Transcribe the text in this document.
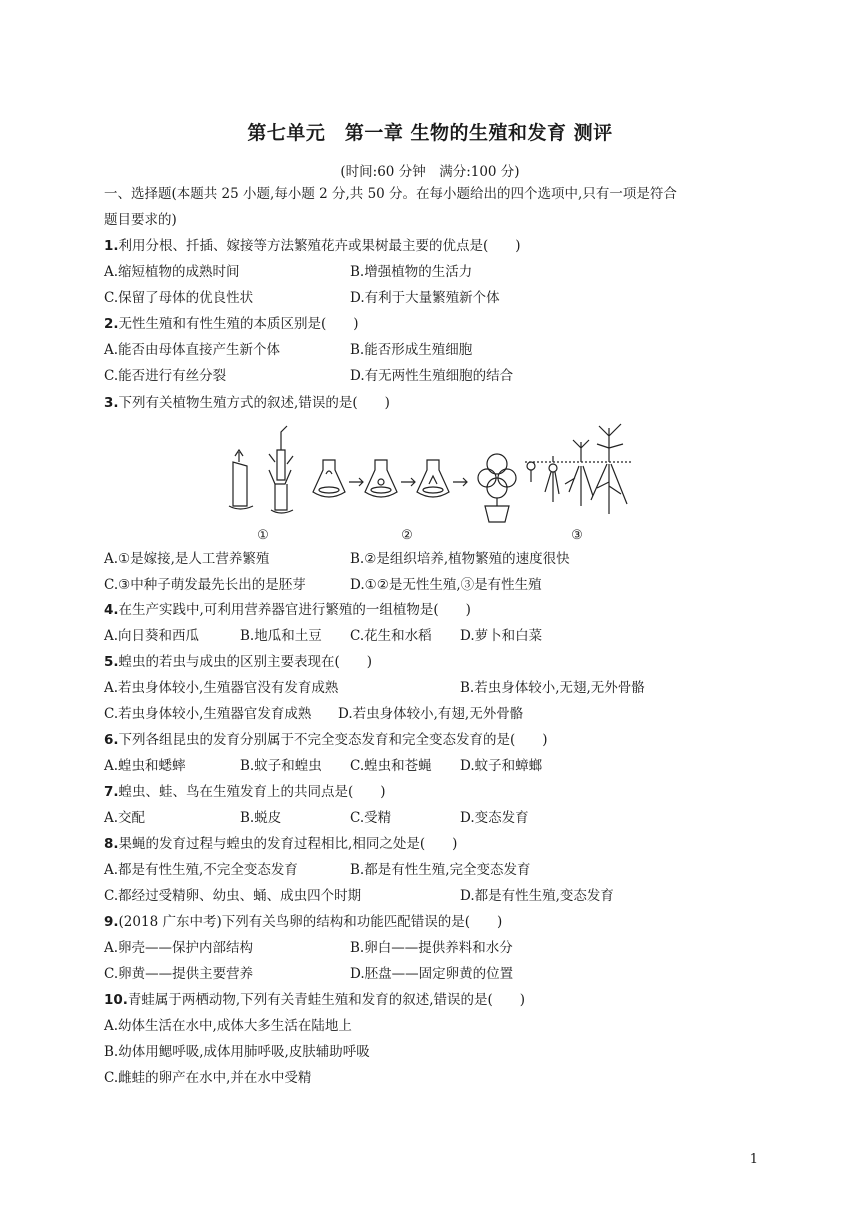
第七单元　第一章 生物的生殖和发育 测评
(时间:60 分钟　满分:100 分)
一、选择题(本题共 25 小题,每小题 2 分,共 50 分。在每小题给出的四个选项中,只有一项是符合
题目要求的)
1.利用分根、扦插、嫁接等方法繁殖花卉或果树最主要的优点是(　　)
A.缩短植物的成熟时间	B.增强植物的生活力
C.保留了母体的优良性状	D.有利于大量繁殖新个体
2.无性生殖和有性生殖的本质区别是(　　)
A.能否由母体直接产生新个体	B.能否形成生殖细胞
C.能否进行有丝分裂	D.有无两性生殖细胞的结合
3.下列有关植物生殖方式的叙述,错误的是(　　)
①	②	③
A.①是嫁接,是人工营养繁殖	B.②是组织培养,植物繁殖的速度很快
C.③中种子萌发最先长出的是胚芽	D.①②是无性生殖,③是有性生殖
4.在生产实践中,可利用营养器官进行繁殖的一组植物是(　　)
A.向日葵和西瓜	B.地瓜和土豆 C.花生和水稻 D.萝卜和白菜
5.蝗虫的若虫与成虫的区别主要表现在(　　)
A.若虫身体较小,生殖器官没有发育成熟	B.若虫身体较小,无翅,无外骨骼
C.若虫身体较小,生殖器官发育成熟 D.若虫身体较小,有翅,无外骨骼
6.下列各组昆虫的发育分别属于不完全变态发育和完全变态发育的是(　　)
A.蝗虫和蟋蟀	B.蚊子和蝗虫 C.蝗虫和苍蝇 D.蚊子和蟑螂
7.蝗虫、蛙、鸟在生殖发育上的共同点是(　　)
A.交配	B.蜕皮	C.受精	D.变态发育
8.果蝇的发育过程与蝗虫的发育过程相比,相同之处是(　　)
A.都是有性生殖,不完全变态发育	B.都是有性生殖,完全变态发育
C.都经过受精卵、幼虫、蛹、成虫四个时期	D.都是有性生殖,变态发育
9.(2018 广东中考)下列有关鸟卵的结构和功能匹配错误的是(　　)
A.卵壳——保护内部结构	B.卵白——提供养料和水分
C.卵黄——提供主要营养	D.胚盘——固定卵黄的位置
10.青蛙属于两栖动物,下列有关青蛙生殖和发育的叙述,错误的是(　　)
A.幼体生活在水中,成体大多生活在陆地上
B.幼体用鳃呼吸,成体用肺呼吸,皮肤辅助呼吸
C.雌蛙的卵产在水中,并在水中受精
1
